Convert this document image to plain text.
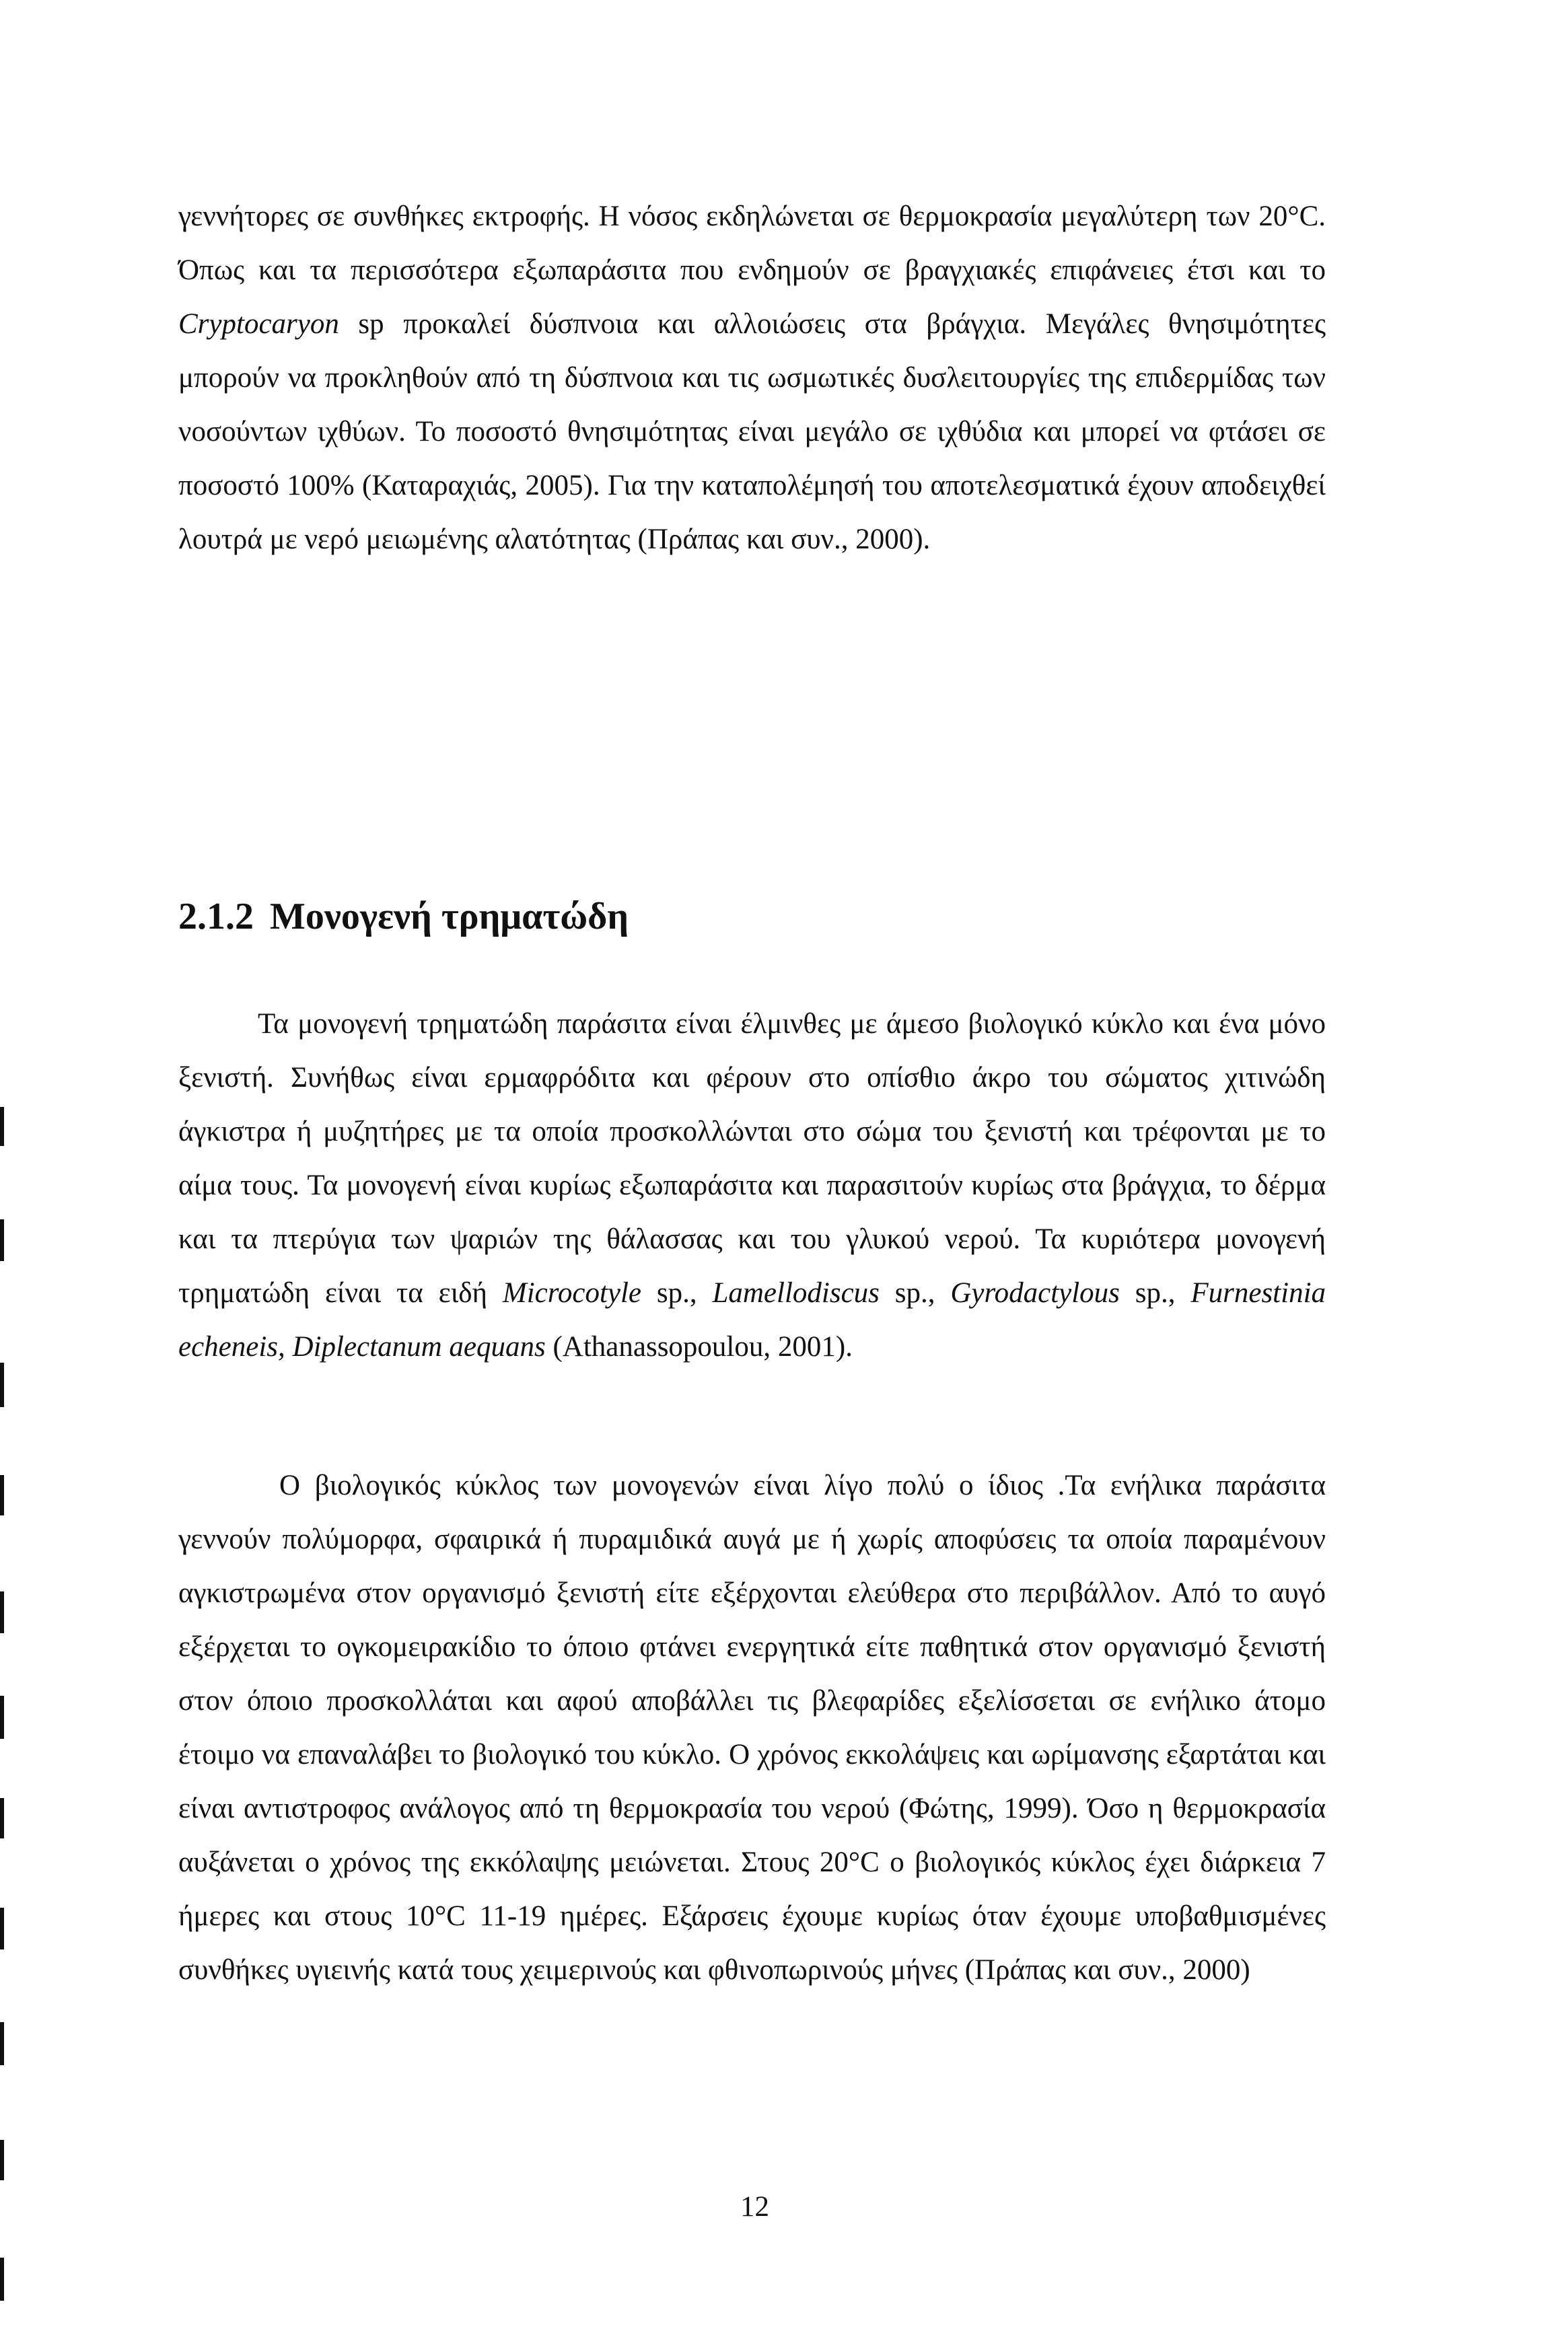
γεννήτορες σε συνθήκες εκτροφής. Η νόσος εκδηλώνεται σε θερμοκρασία μεγαλύτερη των 20°C. Όπως και τα περισσότερα εξωπαράσιτα που ενδημούν σε βραγχιακές επιφάνειες έτσι και το Cryptocaryon sp προκαλεί δύσπνοια και αλλοιώσεις στα βράγχια. Μεγάλες θνησιμότητες μπορούν να προκληθούν από τη δύσπνοια και τις ωσμωτικές δυσλειτουργίες της επιδερμίδας των νοσούντων ιχθύων. Το ποσοστό θνησιμότητας είναι μεγάλο σε ιχθύδια και μπορεί να φτάσει σε ποσοστό 100% (Καταραχιάς, 2005). Για την καταπολέμησή του αποτελεσματικά έχουν αποδειχθεί λουτρά με νερό μειωμένης αλατότητας (Πράπας και συν., 2000).

2.1.2 Μονογενή τρηματώδη

Τα μονογενή τρηματώδη παράσιτα είναι έλμινθες με άμεσο βιολογικό κύκλο και ένα μόνο ξενιστή. Συνήθως είναι ερμαφρόδιτα και φέρουν στο οπίσθιο άκρο του σώματος χιτινώδη άγκιστρα ή μυζητήρες με τα οποία προσκολλώνται στο σώμα του ξενιστή και τρέφονται με το αίμα τους. Τα μονογενή είναι κυρίως εξωπαράσιτα και παρασιτούν κυρίως στα βράγχια, το δέρμα και τα πτερύγια των ψαριών της θάλασσας και του γλυκού νερού. Τα κυριότερα μονογενή τρηματώδη είναι τα ειδή Microcotyle sp., Lamellodiscus sp., Gyrodactylous sp., Furnestinia echeneis, Diplectanum aequans (Athanassopoulou, 2001).

Ο βιολογικός κύκλος των μονογενών είναι λίγο πολύ ο ίδιος .Τα ενήλικα παράσιτα γεννούν πολύμορφα, σφαιρικά ή πυραμιδικά αυγά με ή χωρίς αποφύσεις τα οποία παραμένουν αγκιστρωμένα στον οργανισμό ξενιστή είτε εξέρχονται ελεύθερα στο περιβάλλον. Από το αυγό εξέρχεται το ογκομειρακίδιο το όποιο φτάνει ενεργητικά είτε παθητικά στον οργανισμό ξενιστή στον όποιο προσκολλάται και αφού αποβάλλει τις βλεφαρίδες εξελίσσεται σε ενήλικο άτομο έτοιμο να επαναλάβει το βιολογικό του κύκλο. Ο χρόνος εκκολάψεις και ωρίμανσης εξαρτάται και είναι αντιστροφος ανάλογος από τη θερμοκρασία του νερού (Φώτης, 1999). Όσο η θερμοκρασία αυξάνεται ο χρόνος της εκκόλαψης μειώνεται. Στους 20°C ο βιολογικός κύκλος έχει διάρκεια 7 ήμερες και στους 10°C 11-19 ημέρες. Εξάρσεις έχουμε κυρίως όταν έχουμε υποβαθμισμένες συνθήκες υγιεινής κατά τους χειμερινούς και φθινοπωρινούς μήνες (Πράπας και συν., 2000)

12
